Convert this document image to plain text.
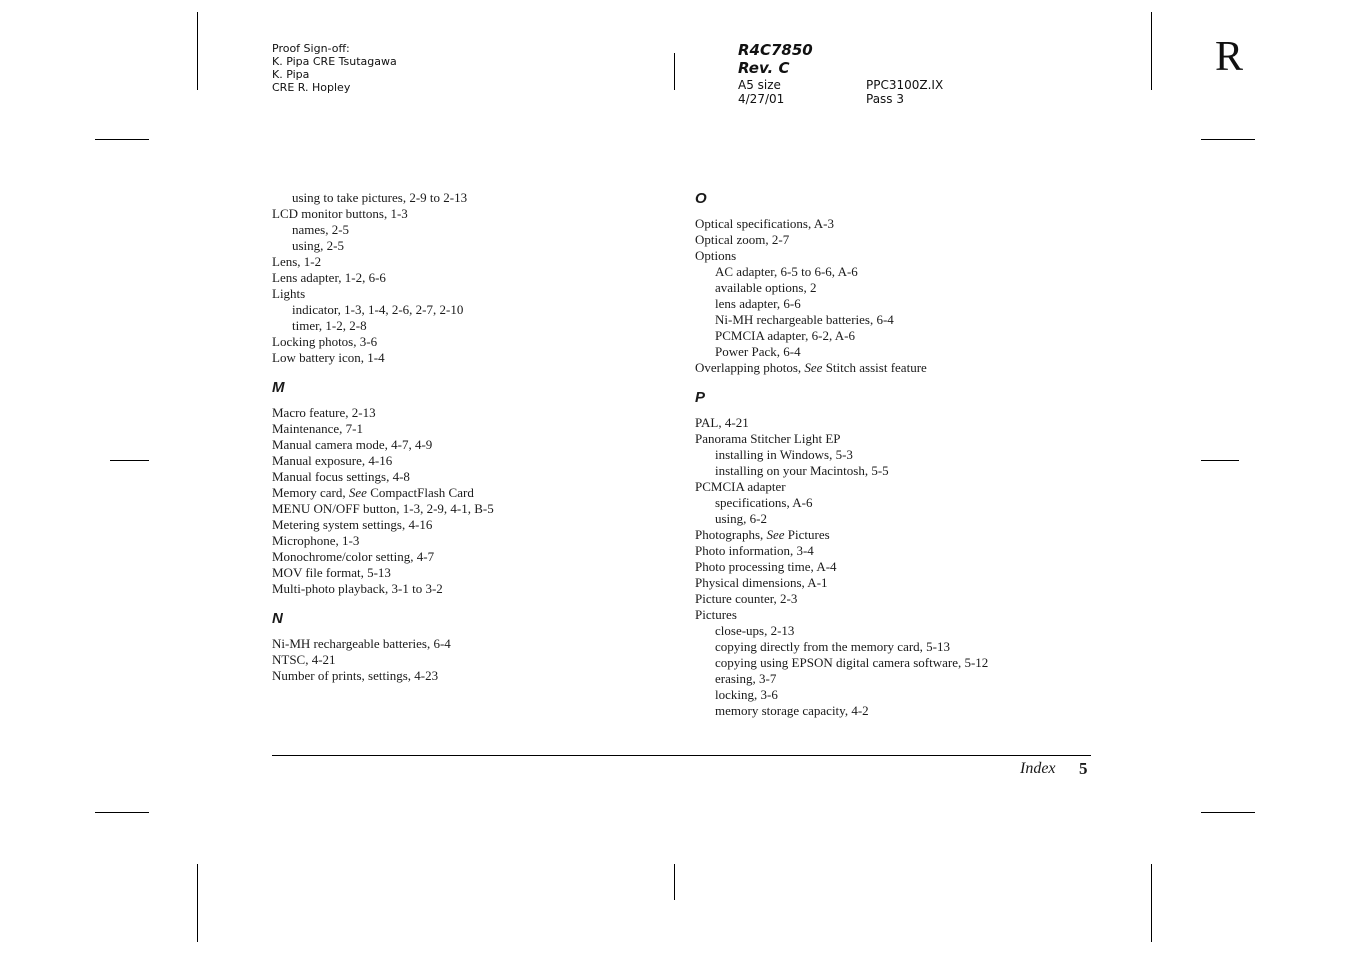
Proof Sign-off:
K. Pipa CRE Tsutagawa
K. Pipa
CRE R. Hopley
R4C7850
Rev. C
A5 size
4/27/01
PPC3100Z.IX
Pass 3
R
using to take pictures, 2-9 to 2-13
LCD monitor buttons, 1-3
names, 2-5
using, 2-5
Lens, 1-2
Lens adapter, 1-2, 6-6
Lights
indicator, 1-3, 1-4, 2-6, 2-7, 2-10
timer, 1-2, 2-8
Locking photos, 3-6
Low battery icon, 1-4
M
Macro feature, 2-13
Maintenance, 7-1
Manual camera mode, 4-7, 4-9
Manual exposure, 4-16
Manual focus settings, 4-8
Memory card, See CompactFlash Card
MENU ON/OFF button, 1-3, 2-9, 4-1, B-5
Metering system settings, 4-16
Microphone, 1-3
Monochrome/color setting, 4-7
MOV file format, 5-13
Multi-photo playback, 3-1 to 3-2
N
Ni-MH rechargeable batteries, 6-4
NTSC, 4-21
Number of prints, settings, 4-23
O
Optical specifications, A-3
Optical zoom, 2-7
Options
AC adapter, 6-5 to 6-6, A-6
available options, 2
lens adapter, 6-6
Ni-MH rechargeable batteries, 6-4
PCMCIA adapter, 6-2, A-6
Power Pack, 6-4
Overlapping photos, See Stitch assist feature
P
PAL, 4-21
Panorama Stitcher Light EP
installing in Windows, 5-3
installing on your Macintosh, 5-5
PCMCIA adapter
specifications, A-6
using, 6-2
Photographs, See Pictures
Photo information, 3-4
Photo processing time, A-4
Physical dimensions, A-1
Picture counter, 2-3
Pictures
close-ups, 2-13
copying directly from the memory card, 5-13
copying using EPSON digital camera software, 5-12
erasing, 3-7
locking, 3-6
memory storage capacity, 4-2
Index 5
